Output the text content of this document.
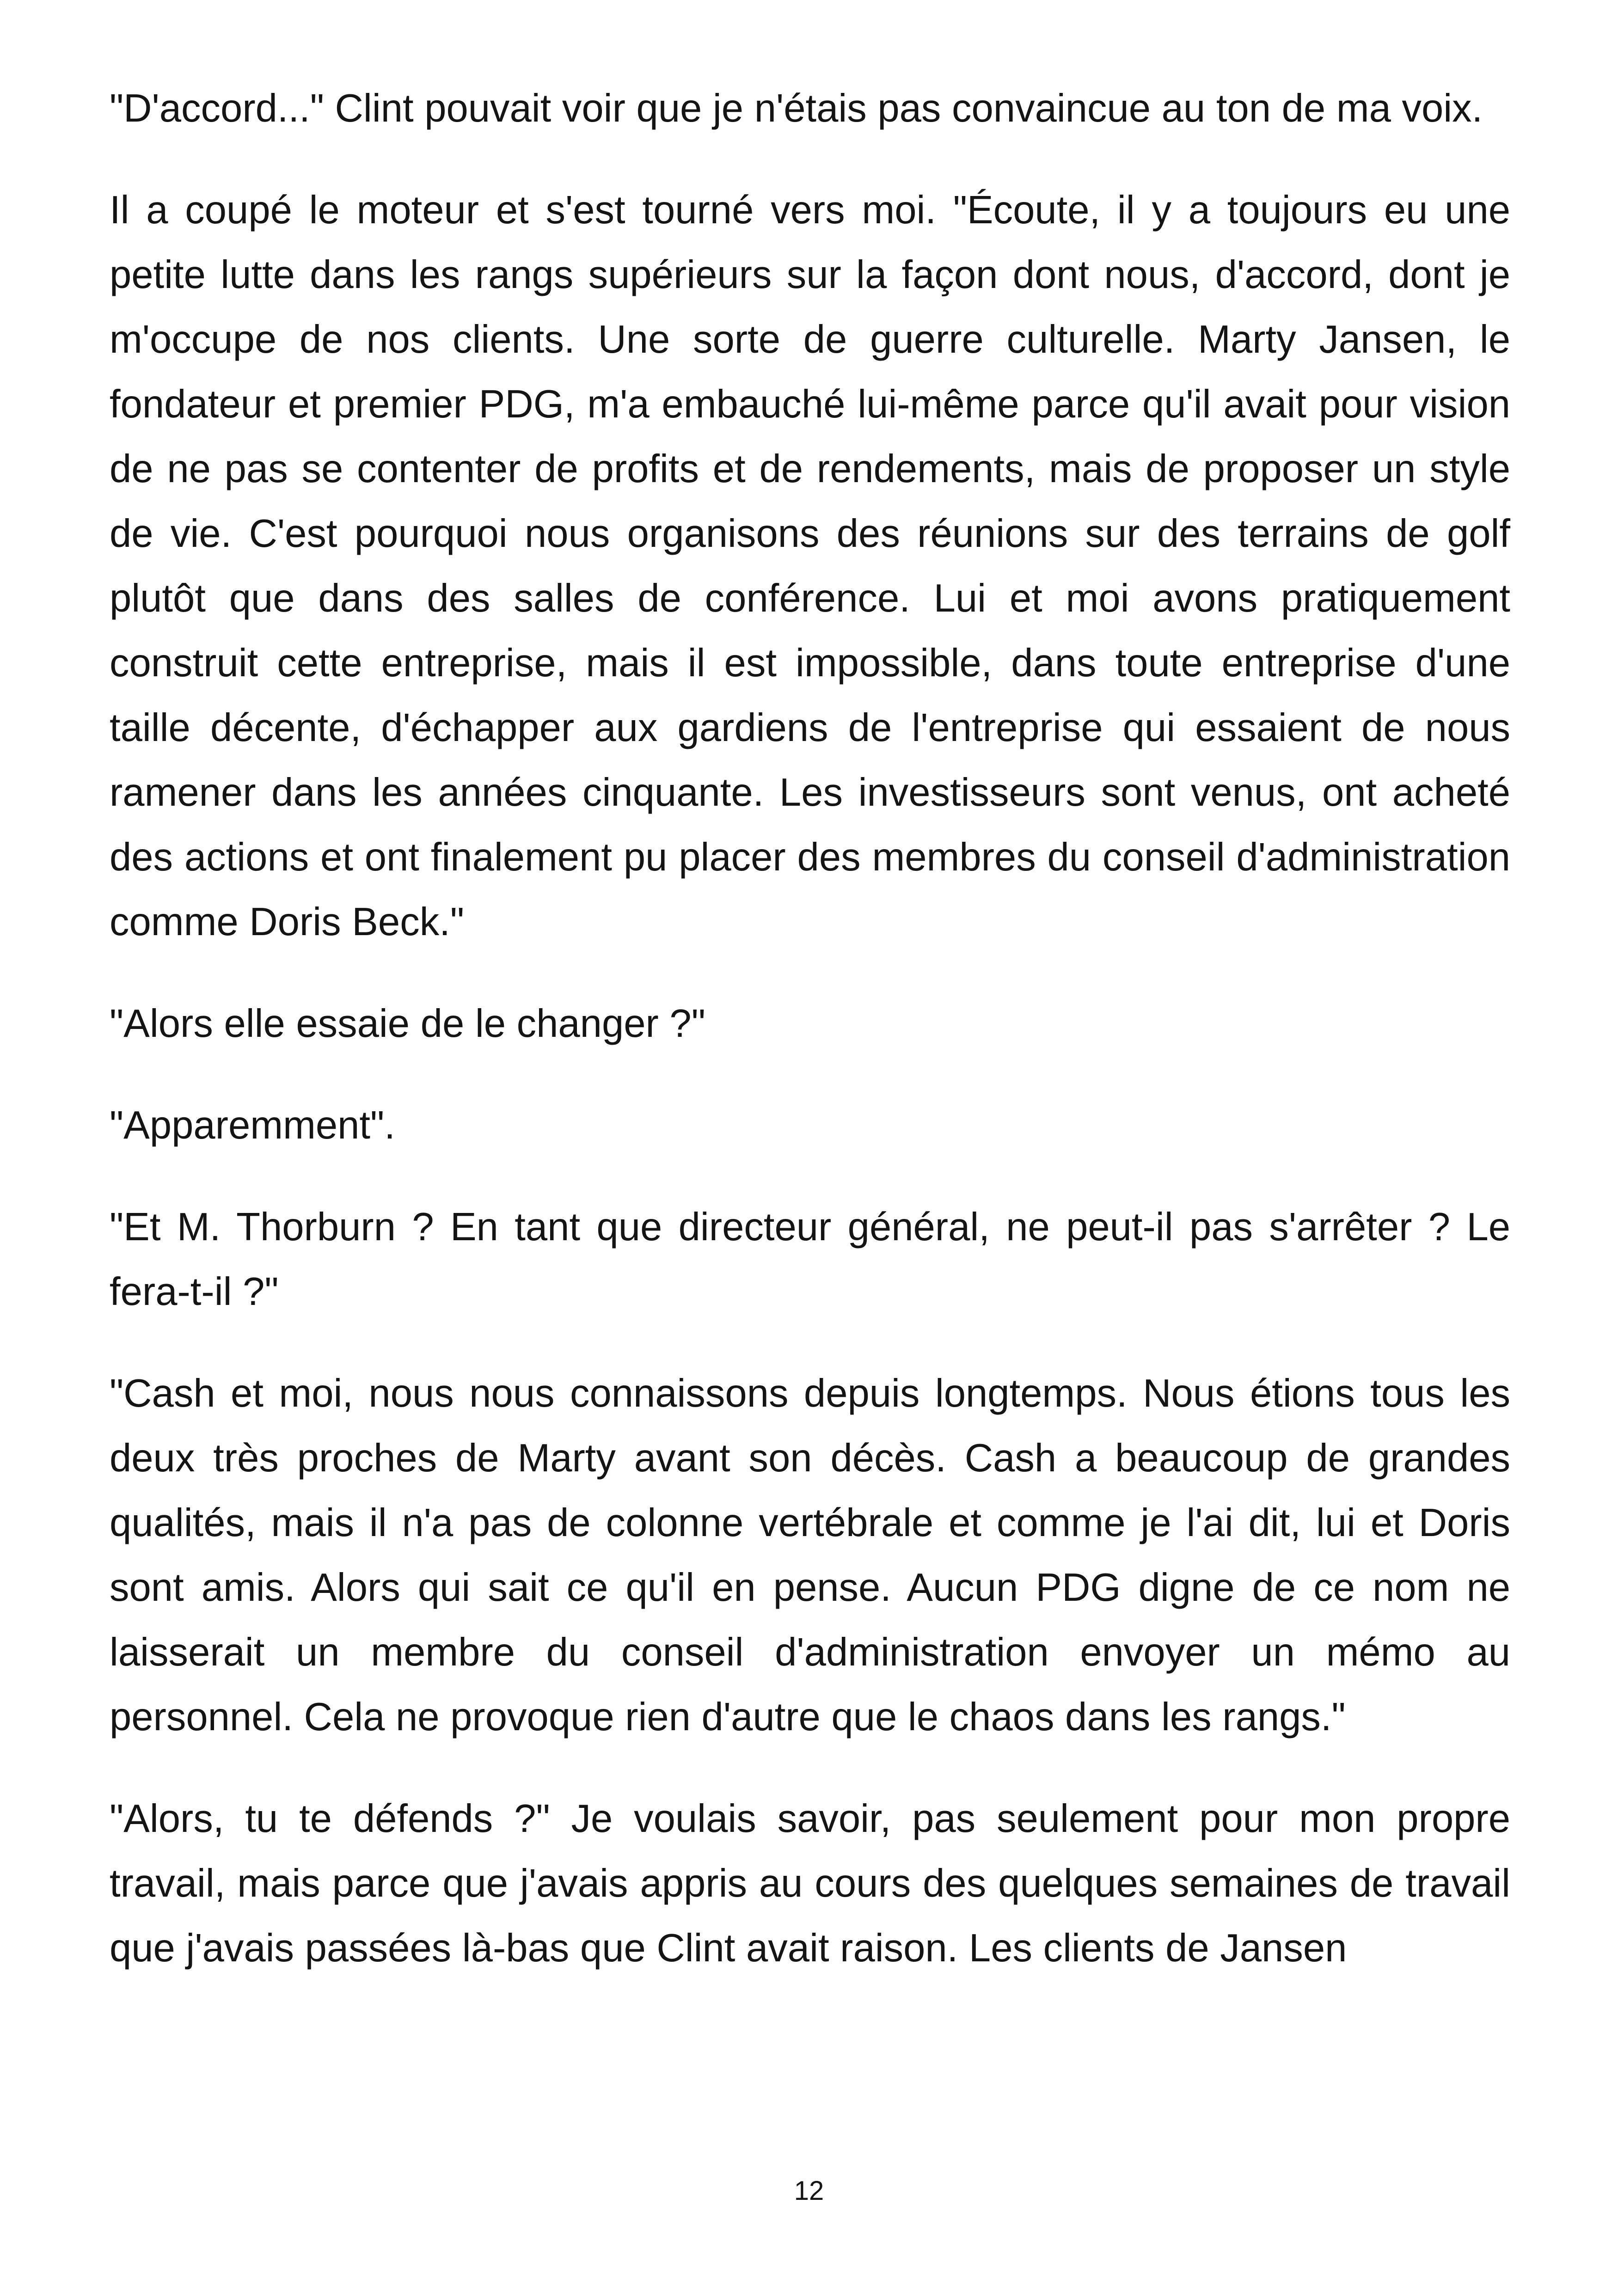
"D'accord..." Clint pouvait voir que je n'étais pas convaincue au ton de ma voix.

Il a coupé le moteur et s'est tourné vers moi. "Écoute, il y a toujours eu une petite lutte dans les rangs supérieurs sur la façon dont nous, d'accord, dont je m'occupe de nos clients. Une sorte de guerre culturelle. Marty Jansen, le fondateur et premier PDG, m'a embauché lui-même parce qu'il avait pour vision de ne pas se contenter de profits et de rendements, mais de proposer un style de vie. C'est pourquoi nous organisons des réunions sur des terrains de golf plutôt que dans des salles de conférence. Lui et moi avons pratiquement construit cette entreprise, mais il est impossible, dans toute entreprise d'une taille décente, d'échapper aux gardiens de l'entreprise qui essaient de nous ramener dans les années cinquante. Les investisseurs sont venus, ont acheté des actions et ont finalement pu placer des membres du conseil d'administration comme Doris Beck."

"Alors elle essaie de le changer ?"

"Apparemment".

"Et M. Thorburn ? En tant que directeur général, ne peut-il pas s'arrêter ? Le fera-t-il ?"

"Cash et moi, nous nous connaissons depuis longtemps. Nous étions tous les deux très proches de Marty avant son décès. Cash a beaucoup de grandes qualités, mais il n'a pas de colonne vertébrale et comme je l'ai dit, lui et Doris sont amis. Alors qui sait ce qu'il en pense. Aucun PDG digne de ce nom ne laisserait un membre du conseil d'administration envoyer un mémo au personnel. Cela ne provoque rien d'autre que le chaos dans les rangs."

"Alors, tu te défends ?" Je voulais savoir, pas seulement pour mon propre travail, mais parce que j'avais appris au cours des quelques semaines de travail que j'avais passées là-bas que Clint avait raison. Les clients de Jansen

12
